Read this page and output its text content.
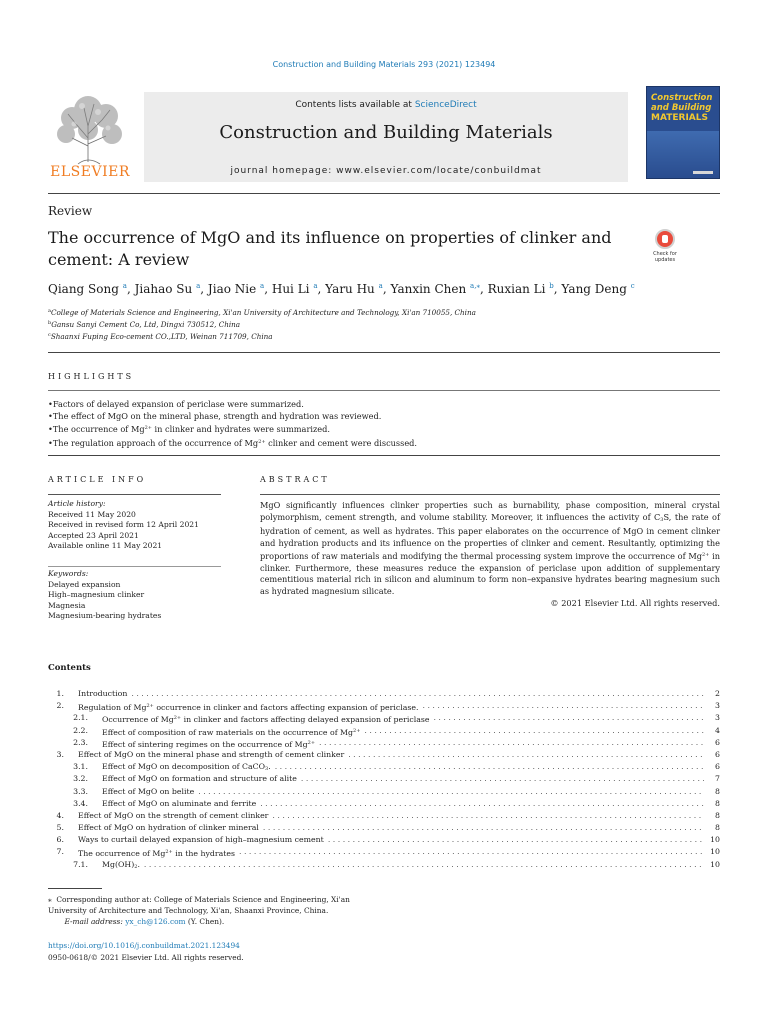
Construction and Building Materials 293 (2021) 123494
ELSEVIER
Contents lists available at ScienceDirect
Construction and Building Materials
journal homepage: www.elsevier.com/locate/conbuildmat
Construction
and Building
MATERIALS
Review
The occurrence of MgO and its influence on properties of clinker and cement: A review	Check for
updates
Qiang Song $^a$, Jiahao Su $^a$, Jiao Nie $^a$, Hui Li $^a$, Yaru Hu $^a$, Yanxin Chen $^{a,⁎}$, Ruxian Li $^b$, Yang Deng $^c$
$^a$College of Materials Science and Engineering, Xi'an University of Architecture and Technology, Xi'an 710055, China
$^b$Gansu Sanyi Cement Co, Ltd, Dingxi 730512, China
$^c$Shaanxi Fuping Eco-cement CO.,LTD, Weinan 711709, China
HIGHLIGHTS
• Factors of delayed expansion of periclase were summarized.
• The effect of MgO on the mineral phase, strength and hydration was reviewed.
• The occurrence of $Mg^{2+}$ in clinker and hydrates were summarized.
• The regulation approach of the occurrence of $Mg^{2+}$ clinker and cement were discussed.
ARTICLE INFO
Article history:
Received 11 May 2020
Received in revised form 12 April 2021
Accepted 23 April 2021
Available online 11 May 2021
Keywords:
Delayed expansion
High–magnesium clinker
Magnesia
Magnesium-bearing hydrates
ABSTRACT
MgO significantly influences clinker properties such as burnability, phase composition, mineral crystal polymorphism, cement strength, and volume stability. Moreover, it influences the activity of $C_3S$, the rate of hydration of cement, as well as hydrates. This paper elaborates on the occurrence of MgO in cement clinker and hydration products and its influence on the properties of clinker and cement. Resultantly, optimizing the proportions of raw materials and modifying the thermal processing system improve the occurrence of $Mg^{2+}$ in clinker. Furthermore, these measures reduce the expansion of periclase upon addition of supplementary cementitious material rich in silicon and aluminum to form non–expansive hydrates bearing magnesium such as hydrated magnesium silicate.
© 2021 Elsevier Ltd. All rights reserved.
Contents
1. Introduction . . .	2
2. Regulation of $Mg^{2+}$ occurrence in clinker and factors affecting expansion of periclase. . . .	3
2.1. Occurrence of $Mg^{2+}$ in clinker and factors affecting delayed expansion of periclase . . .	3
2.2. Effect of composition of raw materials on the occurrence of $Mg^{2+}$ . . .	4
2.3. Effect of sintering regimes on the occurrence of $Mg^{2+}$ . . .	6
3. Effect of MgO on the mineral phase and strength of cement clinker . . .	6
3.1. Effect of MgO on decomposition of CaCO$_3$. . . .	6
3.2. Effect of MgO on formation and structure of alite . . .	7
3.3. Effect of MgO on belite . . .	8
3.4. Effect of MgO on aluminate and ferrite . . .	8
4. Effect of MgO on the strength of cement clinker . . .	8
5. Effect of MgO on hydration of clinker mineral . . .	8
6. Ways to curtail delayed expansion of high–magnesium cement . . .	10
7. The occurrence of $Mg^{2+}$ in the hydrates . . .	10
7.1. $Mg(OH)_2$. . . .	10
⁎ Corresponding author at: College of Materials Science and Engineering, Xi'an University of Architecture and Technology, Xi'an, Shaanxi Province, China.
E-mail address: yx_ch@126.com (Y. Chen).
https://doi.org/10.1016/j.conbuildmat.2021.123494
0950-0618/© 2021 Elsevier Ltd. All rights reserved.
